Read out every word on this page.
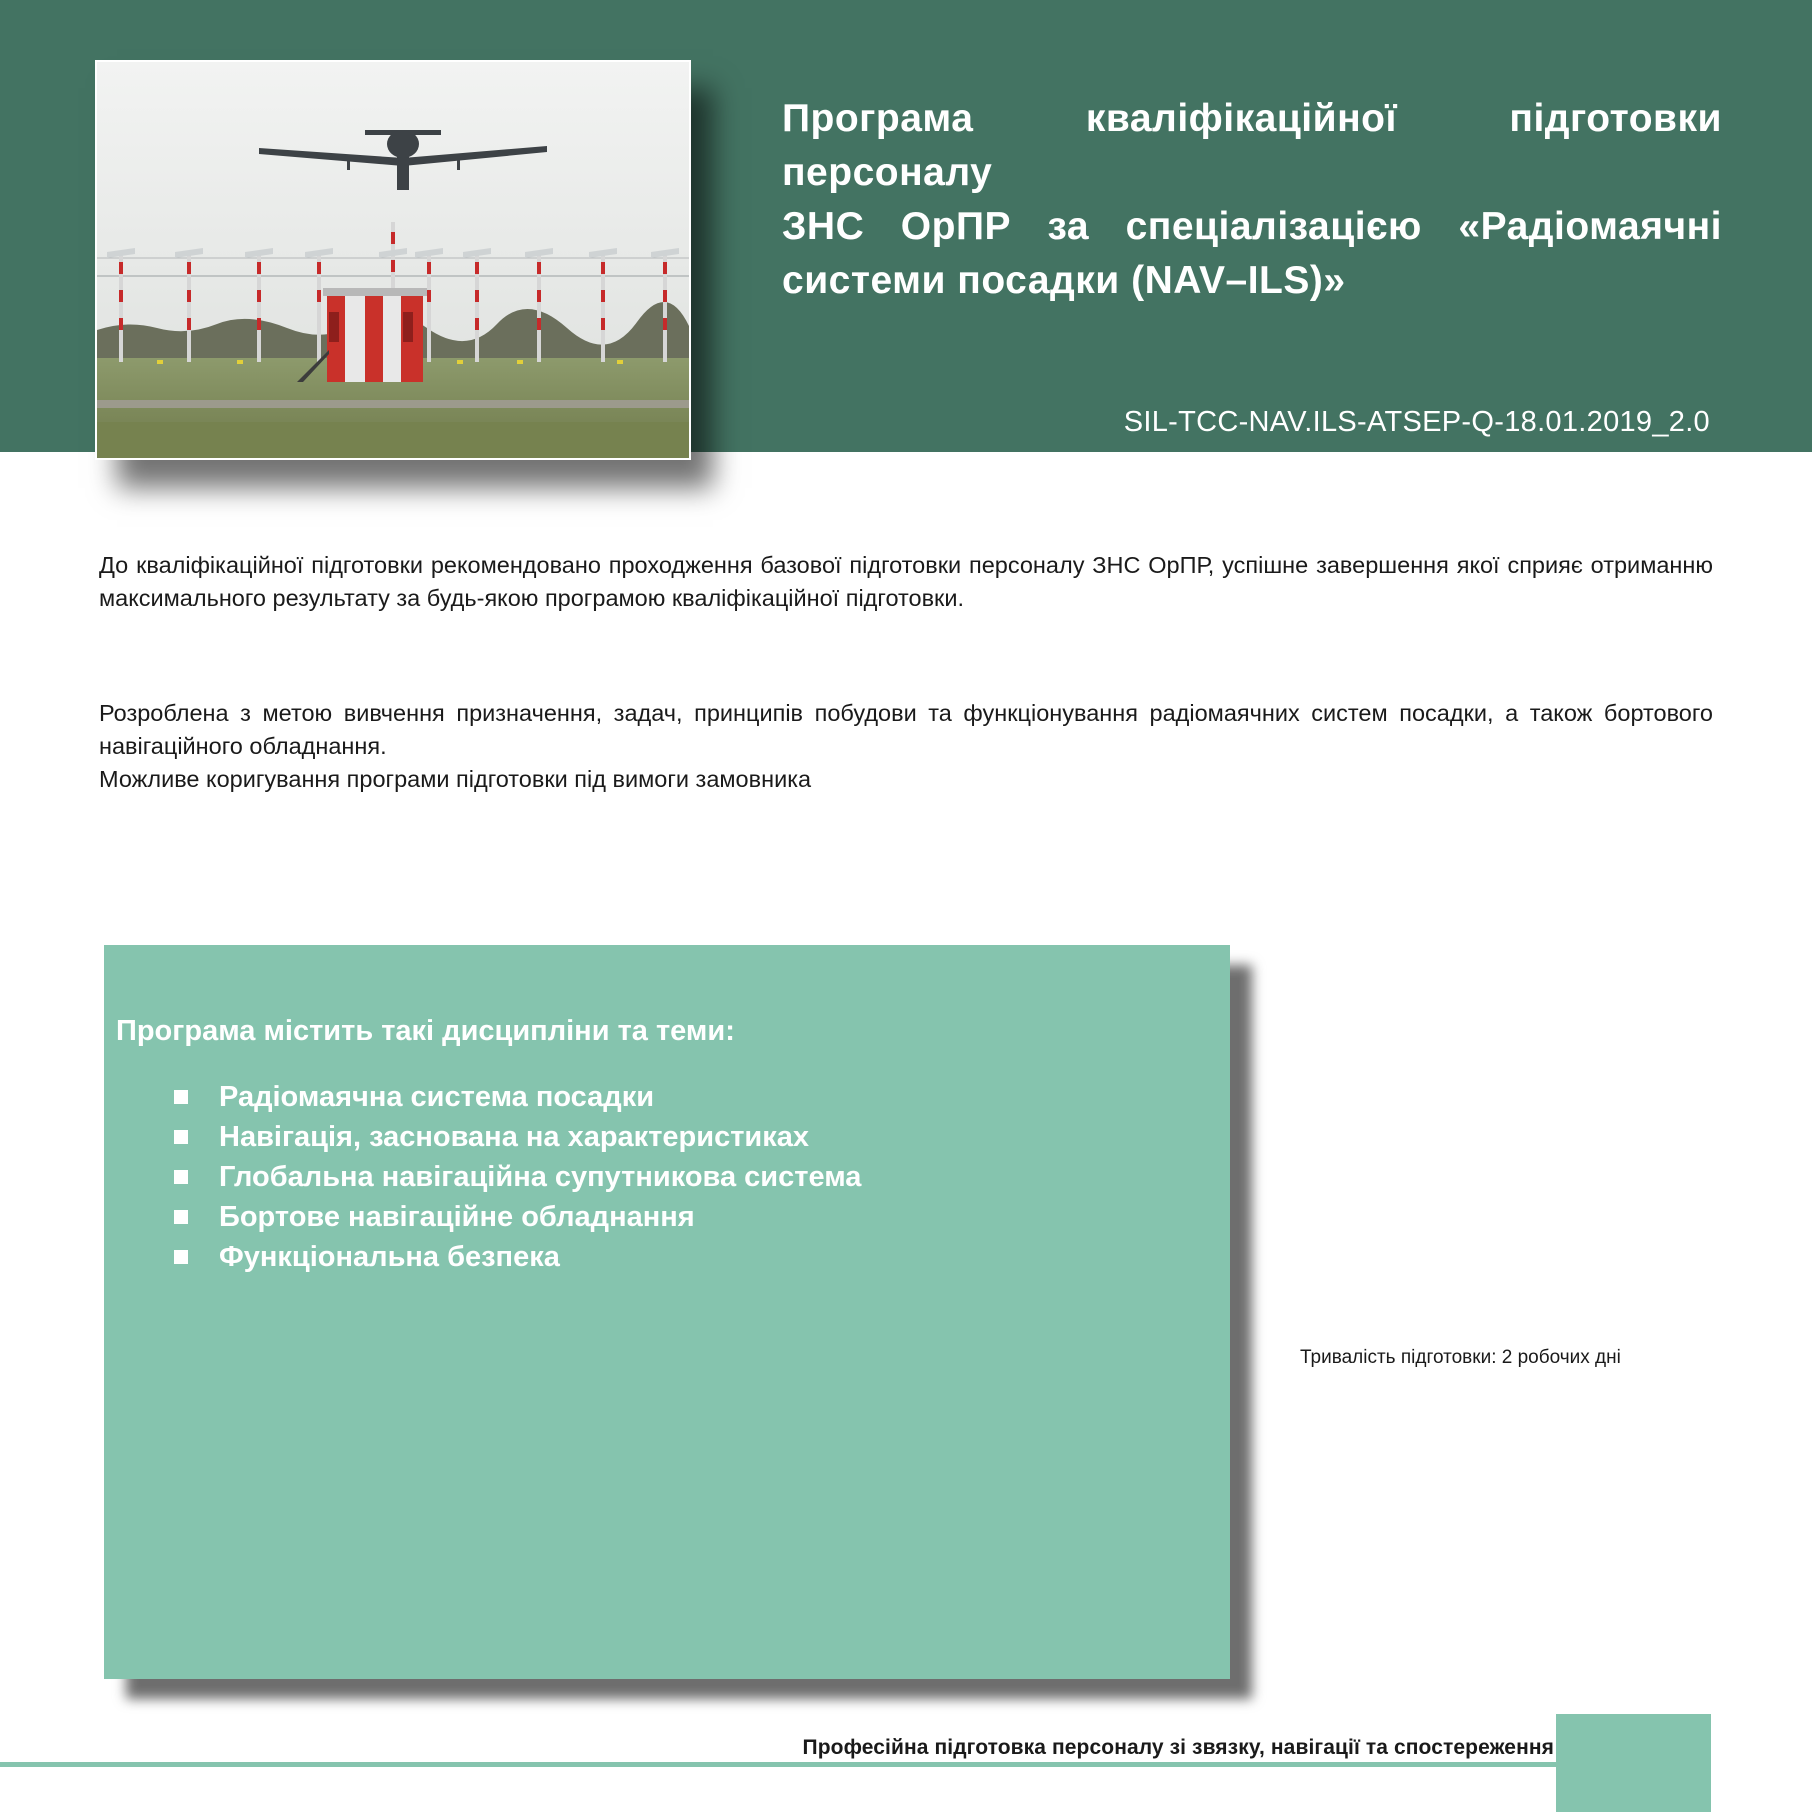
Програма кваліфікаційної підготовки персоналу
ЗНС ОрПР за спеціалізацією «Радіомаячні
системи посадки (NAV–ILS)»
SIL-TCC-NAV.ILS-ATSEP-Q-18.01.2019_2.0
До кваліфікаційної підготовки рекомендовано проходження базової підготовки персоналу ЗНС ОрПР, успішне завершення якої сприяє отриманню максимального результату за будь-якою програмою кваліфікаційної підготовки.
Розроблена з метою вивчення призначення, задач, принципів побудови та функціонування радіомаячних систем посадки, а також бортового навігаційного обладнання.
Можливе коригування програми підготовки під вимоги замовника
Програма містить такі дисципліни та теми:
Радіомаячна система посадки
Навігація, заснована на характеристиках
Глобальна навігаційна супутникова система
Бортове навігаційне обладнання
Функціональна безпека
Тривалість підготовки: 2 робочих дні
Професійна підготовка персоналу зі звязку, навігації та спостереження
